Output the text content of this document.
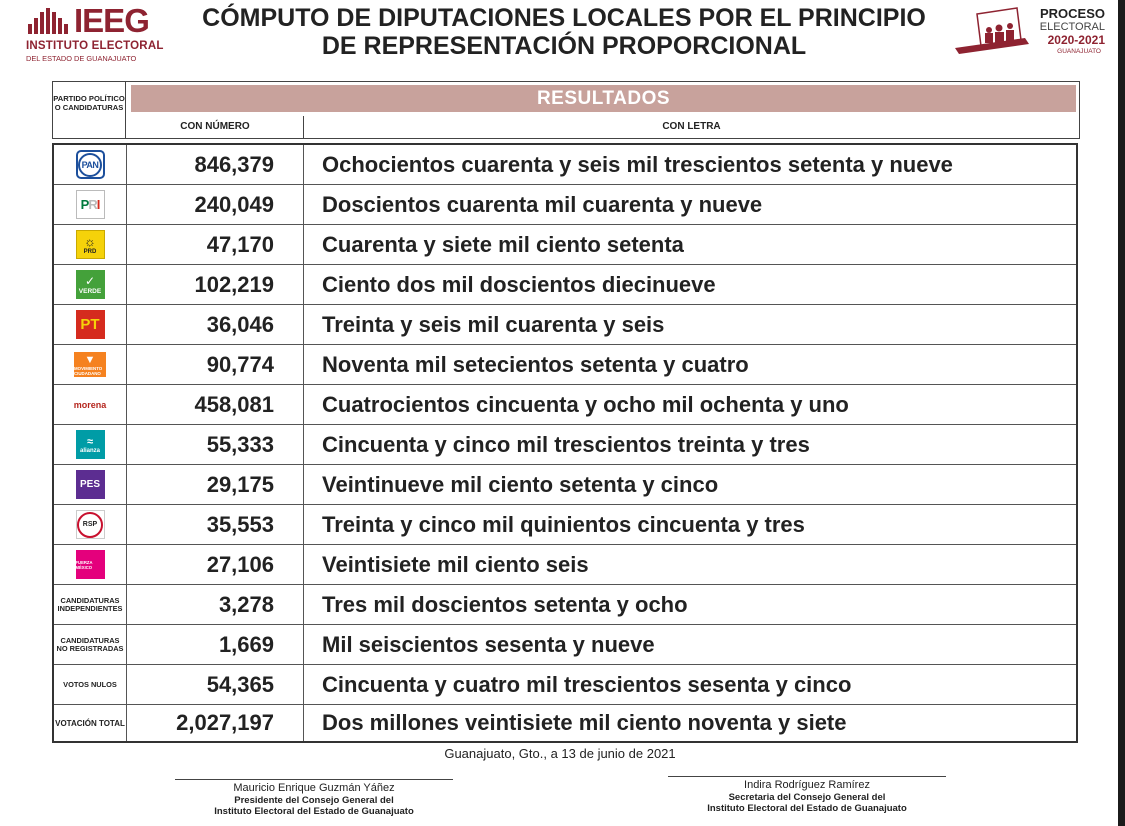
IEEG
INSTITUTO ELECTORAL
DEL ESTADO DE GUANAJUATO
CÓMPUTO DE DIPUTACIONES LOCALES POR EL PRINCIPIO
DE REPRESENTACIÓN PROPORCIONAL
PROCESO
ELECTORAL
2020-2021
GUANAJUATO
PARTIDO POLÍTICO O CANDIDATURAS	RESULTADOS
CON NÚMERO	CON LETRA
PAN	846,379	Ochocientos cuarenta y seis mil trescientos setenta y nueve
P R I	240,049	Doscientos cuarenta mil cuarenta y nueve
☼
PRD	47,170	Cuarenta y siete mil ciento setenta
✓
VERDE	102,219	Ciento dos mil doscientos diecinueve
PT	36,046	Treinta y seis mil cuarenta y seis
▼
MOVIMIENTO CIUDADANO	90,774	Noventa mil setecientos setenta y cuatro
morena	458,081	Cuatrocientos cincuenta y ocho mil ochenta y uno
≈
alianza	55,333	Cincuenta y cinco mil trescientos treinta y tres
PES	29,175	Veintinueve mil ciento setenta y cinco
RSP	35,553	Treinta y cinco mil quinientos cincuenta y tres
FUERZA MÉXICO	27,106	Veintisiete mil ciento seis
CANDIDATURAS INDEPENDIENTES	3,278	Tres mil doscientos setenta y ocho
CANDIDATURAS NO REGISTRADAS	1,669	Mil seiscientos sesenta y nueve
VOTOS NULOS	54,365	Cincuenta y cuatro mil trescientos sesenta y cinco
VOTACIÓN TOTAL	2,027,197	Dos millones veintisiete mil ciento noventa y siete
Guanajuato, Gto., a 13 de junio de 2021
Mauricio Enrique Guzmán Yáñez
Presidente del Consejo General del
Instituto Electoral del Estado de Guanajuato
Indira Rodríguez Ramírez
Secretaria del Consejo General del
Instituto Electoral del Estado de Guanajuato
